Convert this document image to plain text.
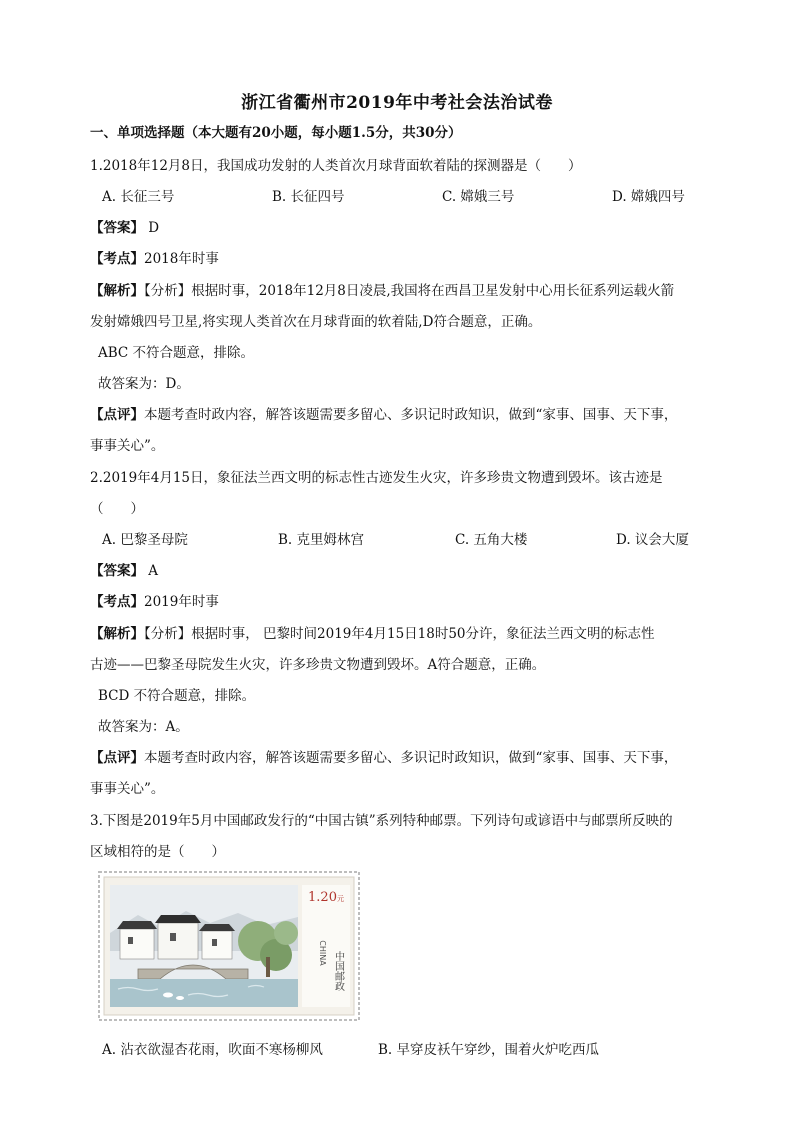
浙江省衢州市2019年中考社会法治试卷
一、单项选择题（本大题有20小题，每小题1.5分，共30分）
1.2018年12月8日，我国成功发射的人类首次月球背面软着陆的探测器是（　　）
A. 长征三号	B. 长征四号	C. 嫦娥三号	D. 嫦娥四号
【答案】 D
【考点】2018年时事
【解析】【分析】根据时事，2018年12月8日凌晨,我国将在西昌卫星发射中心用长征系列运载火箭
发射嫦娥四号卫星,将实现人类首次在月球背面的软着陆,D符合题意，正确。
ABC 不符合题意，排除。
故答案为：D。
【点评】本题考查时政内容，解答该题需要多留心、多识记时政知识，做到“家事、国事、天下事，
事事关心”。
2.2019年4月15日，象征法兰西文明的标志性古迹发生火灾，许多珍贵文物遭到毁坏。该古迹是
（　　）
A. 巴黎圣母院	B. 克里姆林宫	C. 五角大楼	D. 议会大厦
【答案】 A
【考点】2019年时事
【解析】【分析】根据时事， 巴黎时间2019年4月15日18时50分许，象征法兰西文明的标志性
古迹——巴黎圣母院发生火灾，许多珍贵文物遭到毁坏。A符合题意，正确。
BCD 不符合题意，排除。
故答案为：A。
【点评】本题考查时政内容，解答该题需要多留心、多识记时政知识，做到“家事、国事、天下事，
事事关心”。
3.下图是2019年5月中国邮政发行的“中国古镇”系列特种邮票。下列诗句或谚语中与邮票所反映的
区域相符的是（　　）
1.20元
CHINA 中国邮政
A. 沾衣欲湿杏花雨，吹面不寒杨柳风	B. 早穿皮袄午穿纱，围着火炉吃西瓜
